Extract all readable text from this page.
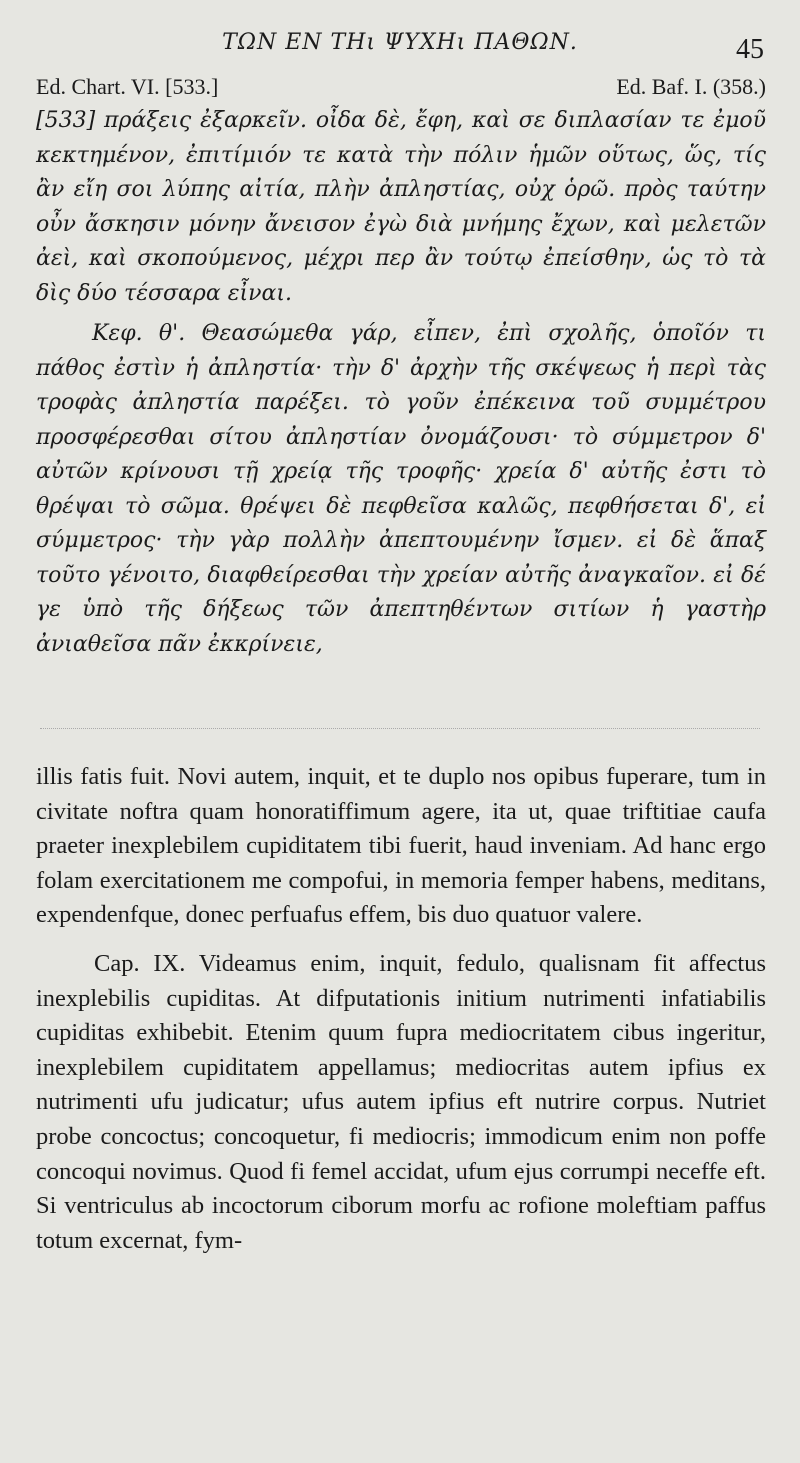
ΤΩΝ ΕΝ ΤΗι ΨΥΧΗι ΠΑΘΩΝ.	45
Ed. Chart. VI. [533.]	Ed. Baf. I. (358.)

[533] πράξεις ἐξαρκεῖν. οἶδα δὲ, ἔφη, καὶ σε διπλασίαν τε ἐμοῦ κεκτημένον, ἐπιτίμιόν τε κατὰ τὴν πόλιν ἡμῶν οὕτως, ὥς, τίς ἂν εἴη σοι λύπης αἰτία, πλὴν ἀπληστίας, οὐχ ὁρῶ. πρὸς ταύτην οὖν ἄσκησιν μόνην ἄνεισον ἐγὼ διὰ μνήμης ἔχων, καὶ μελετῶν ἀεὶ, καὶ σκοπούμενος, μέχρι περ ἂν τούτῳ ἐπείσθην, ὡς τὸ τὰ δὶς δύο τέσσαρα εἶναι.

Κεφ. θ'. Θεασώμεθα γάρ, εἶπεν, ἐπὶ σχολῆς, ὁποῖόν τι πάθος ἐστὶν ἡ ἀπληστία· τὴν δ' ἀρχὴν τῆς σκέψεως ἡ περὶ τὰς τροφὰς ἀπληστία παρέξει. τὸ γοῦν ἐπέκεινα τοῦ συμμέτρου προσφέρεσθαι σίτου ἀπληστίαν ὀνομάζουσι· τὸ σύμμετρον δ' αὐτῶν κρίνουσι τῇ χρείᾳ τῆς τροφῆς· χρεία δ' αὐτῆς ἐστι τὸ θρέψαι τὸ σῶμα. θρέψει δὲ πεφθεῖσα καλῶς, πεφθήσεται δ', εἰ σύμμετρος· τὴν γὰρ πολλὴν ἀπεπτουμένην ἴσμεν. εἰ δὲ ἅπαξ τοῦτο γένοιτο, διαφθείρεσθαι τὴν χρείαν αὐτῆς ἀναγκαῖον. εἰ δέ γε ὑπὸ τῆς δήξεως τῶν ἀπεπτηθέντων σιτίων ἡ γαστὴρ ἀνιαθεῖσα πᾶν ἐκκρίνειε,

illis fatis fuit. Novi autem, inquit, et te duplo nos opibus fuperare, tum in civitate noftra quam honoratiffimum agere, ita ut, quae triftitiae caufa praeter inexplebilem cupiditatem tibi fuerit, haud inveniam. Ad hanc ergo folam exercitationem me compofui, in memoria femper habens, meditans, expendenfque, donec perfuafus effem, bis duo quatuor valere.

Cap. IX. Videamus enim, inquit, fedulo, qualisnam fit affectus inexplebilis cupiditas. At difputationis initium nutrimenti infatiabilis cupiditas exhibebit. Etenim quum fupra mediocritatem cibus ingeritur, inexplebilem cupiditatem appellamus; mediocritas autem ipfius ex nutrimenti ufu judicatur; ufus autem ipfius eft nutrire corpus. Nutriet probe concoctus; concoquetur, fi mediocris; immodicum enim non poffe concoqui novimus. Quod fi femel accidat, ufum ejus corrumpi neceffe eft. Si ventriculus ab incoctorum ciborum morfu ac rofione moleftiam paffus totum excernat, fym-
